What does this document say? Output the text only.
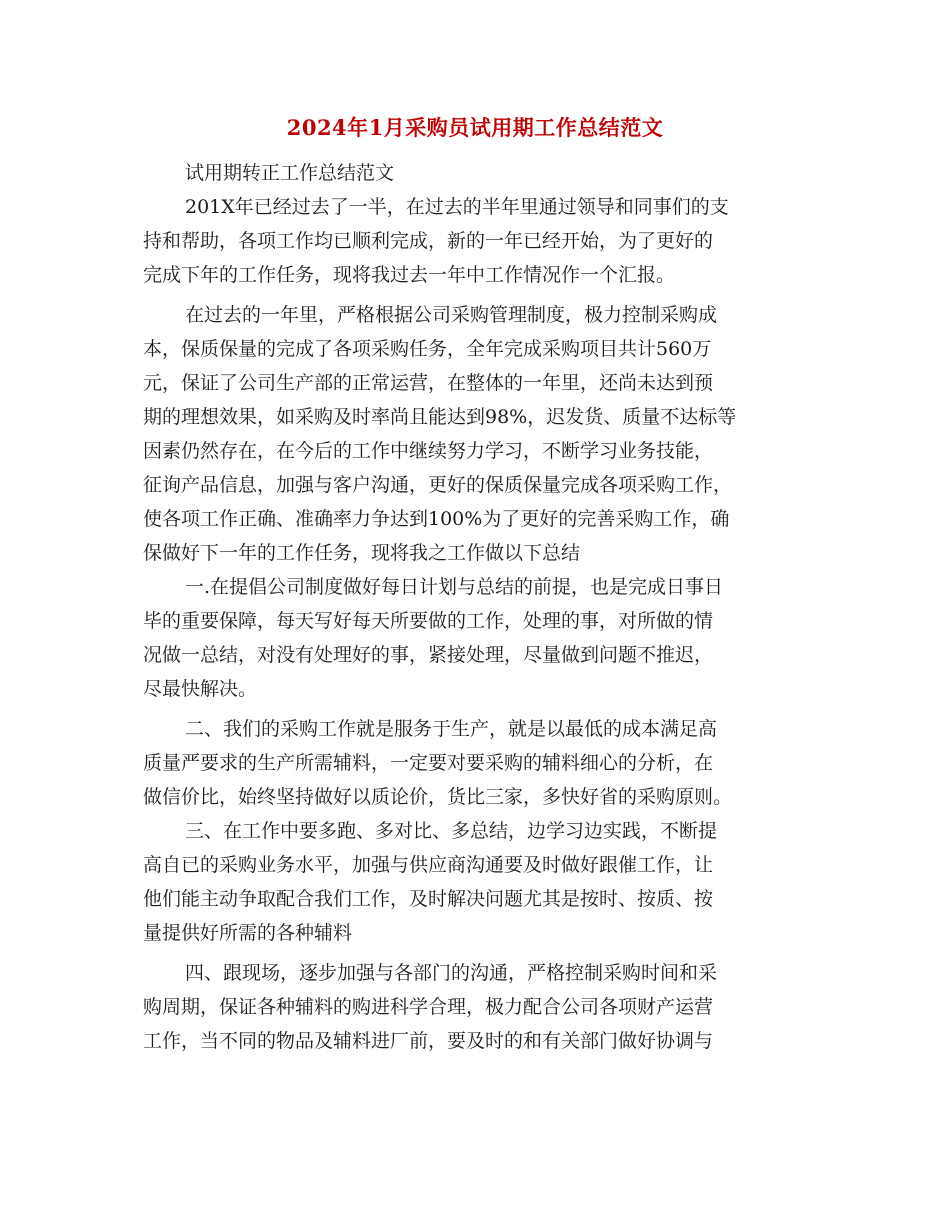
2024年1月采购员试用期工作总结范文
试用期转正工作总结范文
201X年已经过去了一半，在过去的半年里通过领导和同事们的支
持和帮助，各项工作均已顺利完成，新的一年已经开始，为了更好的
完成下年的工作任务，现将我过去一年中工作情况作一个汇报。
在过去的一年里，严格根据公司采购管理制度，极力控制采购成
本，保质保量的完成了各项采购任务，全年完成采购项目共计560万
元，保证了公司生产部的正常运营，在整体的一年里，还尚未达到预
期的理想效果，如采购及时率尚且能达到98%，迟发货、质量不达标等
因素仍然存在，在今后的工作中继续努力学习，不断学习业务技能，
征询产品信息，加强与客户沟通，更好的保质保量完成各项采购工作，
使各项工作正确、准确率力争达到100%为了更好的完善采购工作，确
保做好下一年的工作任务，现将我之工作做以下总结
一.在提倡公司制度做好每日计划与总结的前提，也是完成日事日
毕的重要保障，每天写好每天所要做的工作，处理的事，对所做的情
况做一总结，对没有处理好的事，紧接处理，尽量做到问题不推迟，
尽最快解决。
二、我们的采购工作就是服务于生产，就是以最低的成本满足高
质量严要求的生产所需辅料，一定要对要采购的辅料细心的分析，在
做信价比，始终坚持做好以质论价，货比三家，多快好省的采购原则。
三、在工作中要多跑、多对比、多总结，边学习边实践，不断提
高自已的采购业务水平，加强与供应商沟通要及时做好跟催工作，让
他们能主动争取配合我们工作，及时解决问题尤其是按时、按质、按
量提供好所需的各种辅料
四、跟现场，逐步加强与各部门的沟通，严格控制采购时间和采
购周期，保证各种辅料的购进科学合理，极力配合公司各项财产运营
工作，当不同的物品及辅料进厂前，要及时的和有关部门做好协调与
